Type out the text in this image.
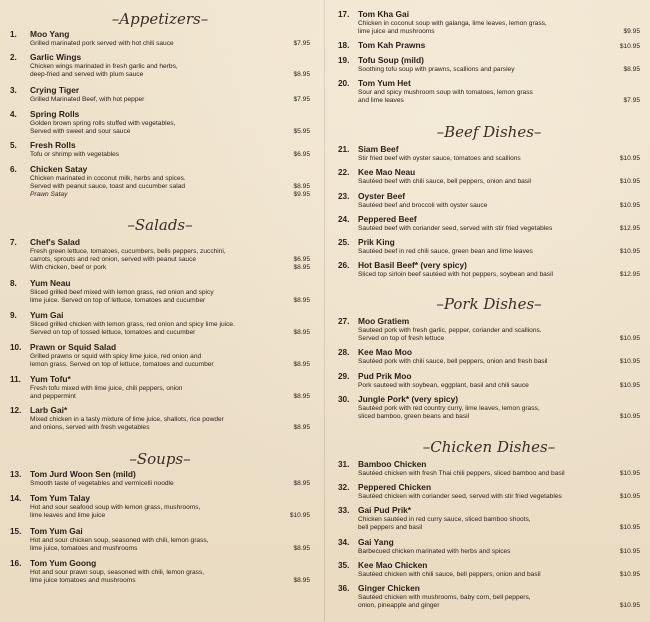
–Appetizers–
1.	Moo Yang
Grilled marinated pork served with hot chili sauce	$7.95
2.	Garlic Wings
Chicken wings marinated in fresh garlic and herbs,
deep-fried and served with plum sauce	$8.95
3.	Crying Tiger
Grilled Marinated Beef, with hot pepper	$7.95
4.	Spring Rolls
Golden brown spring rolls stuffed with vegetables,
Served with sweet and sour sauce	$5.95
5.	Fresh Rolls
Tofu or shrimp with vegetables	$6.95
6.	Chicken Satay
Chicken marinated in coconut milk, herbs and spices.
Served with peanut sauce, toast and cucumber salad	$8.95
Prawn Satay	$9.95
–Salads–
7.	Chef's Salad
Fresh green lettuce, tomatoes, cucumbers, bells peppers, zucchini,
carrots, sprouts and red onion, served with peanut sauce	$6.95
With chicken, beef or pork	$8.95
8.	Yum Neau
Sliced grilled beef mixed with lemon grass, red onion and spicy
lime juice. Served on top of lettuce, tomatoes and cucumber	$8.95
9.	Yum Gai
Sliced grilled chicken with lemon grass, red onion and spicy lime juice.
Served on top of tossed lettuce, tomatoes and cucumber	$8.95
10.	Prawn or Squid Salad
Grilled prawns or squid with spicy lime juice, red onion and
lemon grass. Served on top of lettuce, tomatoes and cucumber	$8.95
11.	Yum Tofu*
Fresh tofu mixed with lime juice, chili peppers, onion
and peppermint	$8.95
12.	Larb Gai*
Mixed chicken in a tasty mixture of lime juice, shallots, rice powder
and onions, served with fresh vegetables	$8.95
–Soups–
13.	Tom Jurd Woon Sen (mild)
Smooth taste of vegetables and vermicelli noodle	$8.95
14.	Tom Yum Talay
Hot and sour seafood soup with lemon grass, mushrooms,
lime leaves and lime juice	$10.95
15.	Tom Yum Gai
Hot and sour chicken soup, seasoned with chili, lemon grass,
lime juice, tomatoes and mushrooms	$8.95
16.	Tom Yum Goong
Hot and sour prawn soup, seasoned with chili, lemon grass,
lime juice tomatoes and mushrooms	$8.95
17.	Tom Kha Gai
Chicken in coconut soup with galanga, lime leaves, lemon grass,
lime juice and mushrooms	$9.95
18.	Tom Kah Prawns	$10.95
19.	Tofu Soup (mild)
Soothing tofu soup with prawns, scallions and parsley	$8.95
20.	Tom Yum Het
Sour and spicy mushroom soup with tomatoes, lemon grass
and lime leaves	$7.95
–Beef Dishes–
21.	Siam Beef
Stir fried beef with oyster sauce, tomatoes and scallions	$10.95
22.	Kee Mao Neau
Sautéed beef with chili sauce, bell peppers, onion and basil	$10.95
23.	Oyster Beef
Sautéed beef and broccoli with oyster sauce	$10.95
24.	Peppered Beef
Sautéed beef with coriander seed, served with stir fried vegetables	$12.95
25.	Prik King
Sautéed beef in red chili sauce, green bean and lime leaves	$10.95
26.	Hot Basil Beef* (very spicy)
Sliced top sirloin beef sautéed with hot peppers, soybean and basil	$12.95
–Pork Dishes–
27.	Moo Gratiem
Sauteed pork with fresh garlic, pepper, coriander and scallions.
Served on top of fresh lettuce	$10.95
28.	Kee Mao Moo
Sautéed pork with chili sauce, bell peppers, onion and fresh basil	$10.95
29.	Pud Prik Moo
Pork sauteed with soybean, eggplant, basil and chili sauce	$10.95
30.	Jungle Pork* (very spicy)
Sautéed pork with red country curry, lime leaves, lemon grass,
sliced bamboo, green beans and basil	$10.95
–Chicken Dishes–
31.	Bamboo Chicken
Sautéed chicken with fresh Thai chili peppers, sliced bamboo and basil	$10.95
32.	Peppered Chicken
Sautéed chicken with coriander seed, served with stir fried vegetables	$10.95
33.	Gai Pud Prik*
Chicken sautéed in red curry sauce, sliced bamboo shoots,
bell peppers and basil	$10.95
34.	Gai Yang
Barbecued chicken marinated with herbs and spices	$10.95
35.	Kee Mao Chicken
Sautéed chicken with chili sauce, bell peppers, onion and basil	$10.95
36.	Ginger Chicken
Sautéed chicken with mushrooms, baby corn, bell peppers,
onion, pineapple and ginger	$10.95
